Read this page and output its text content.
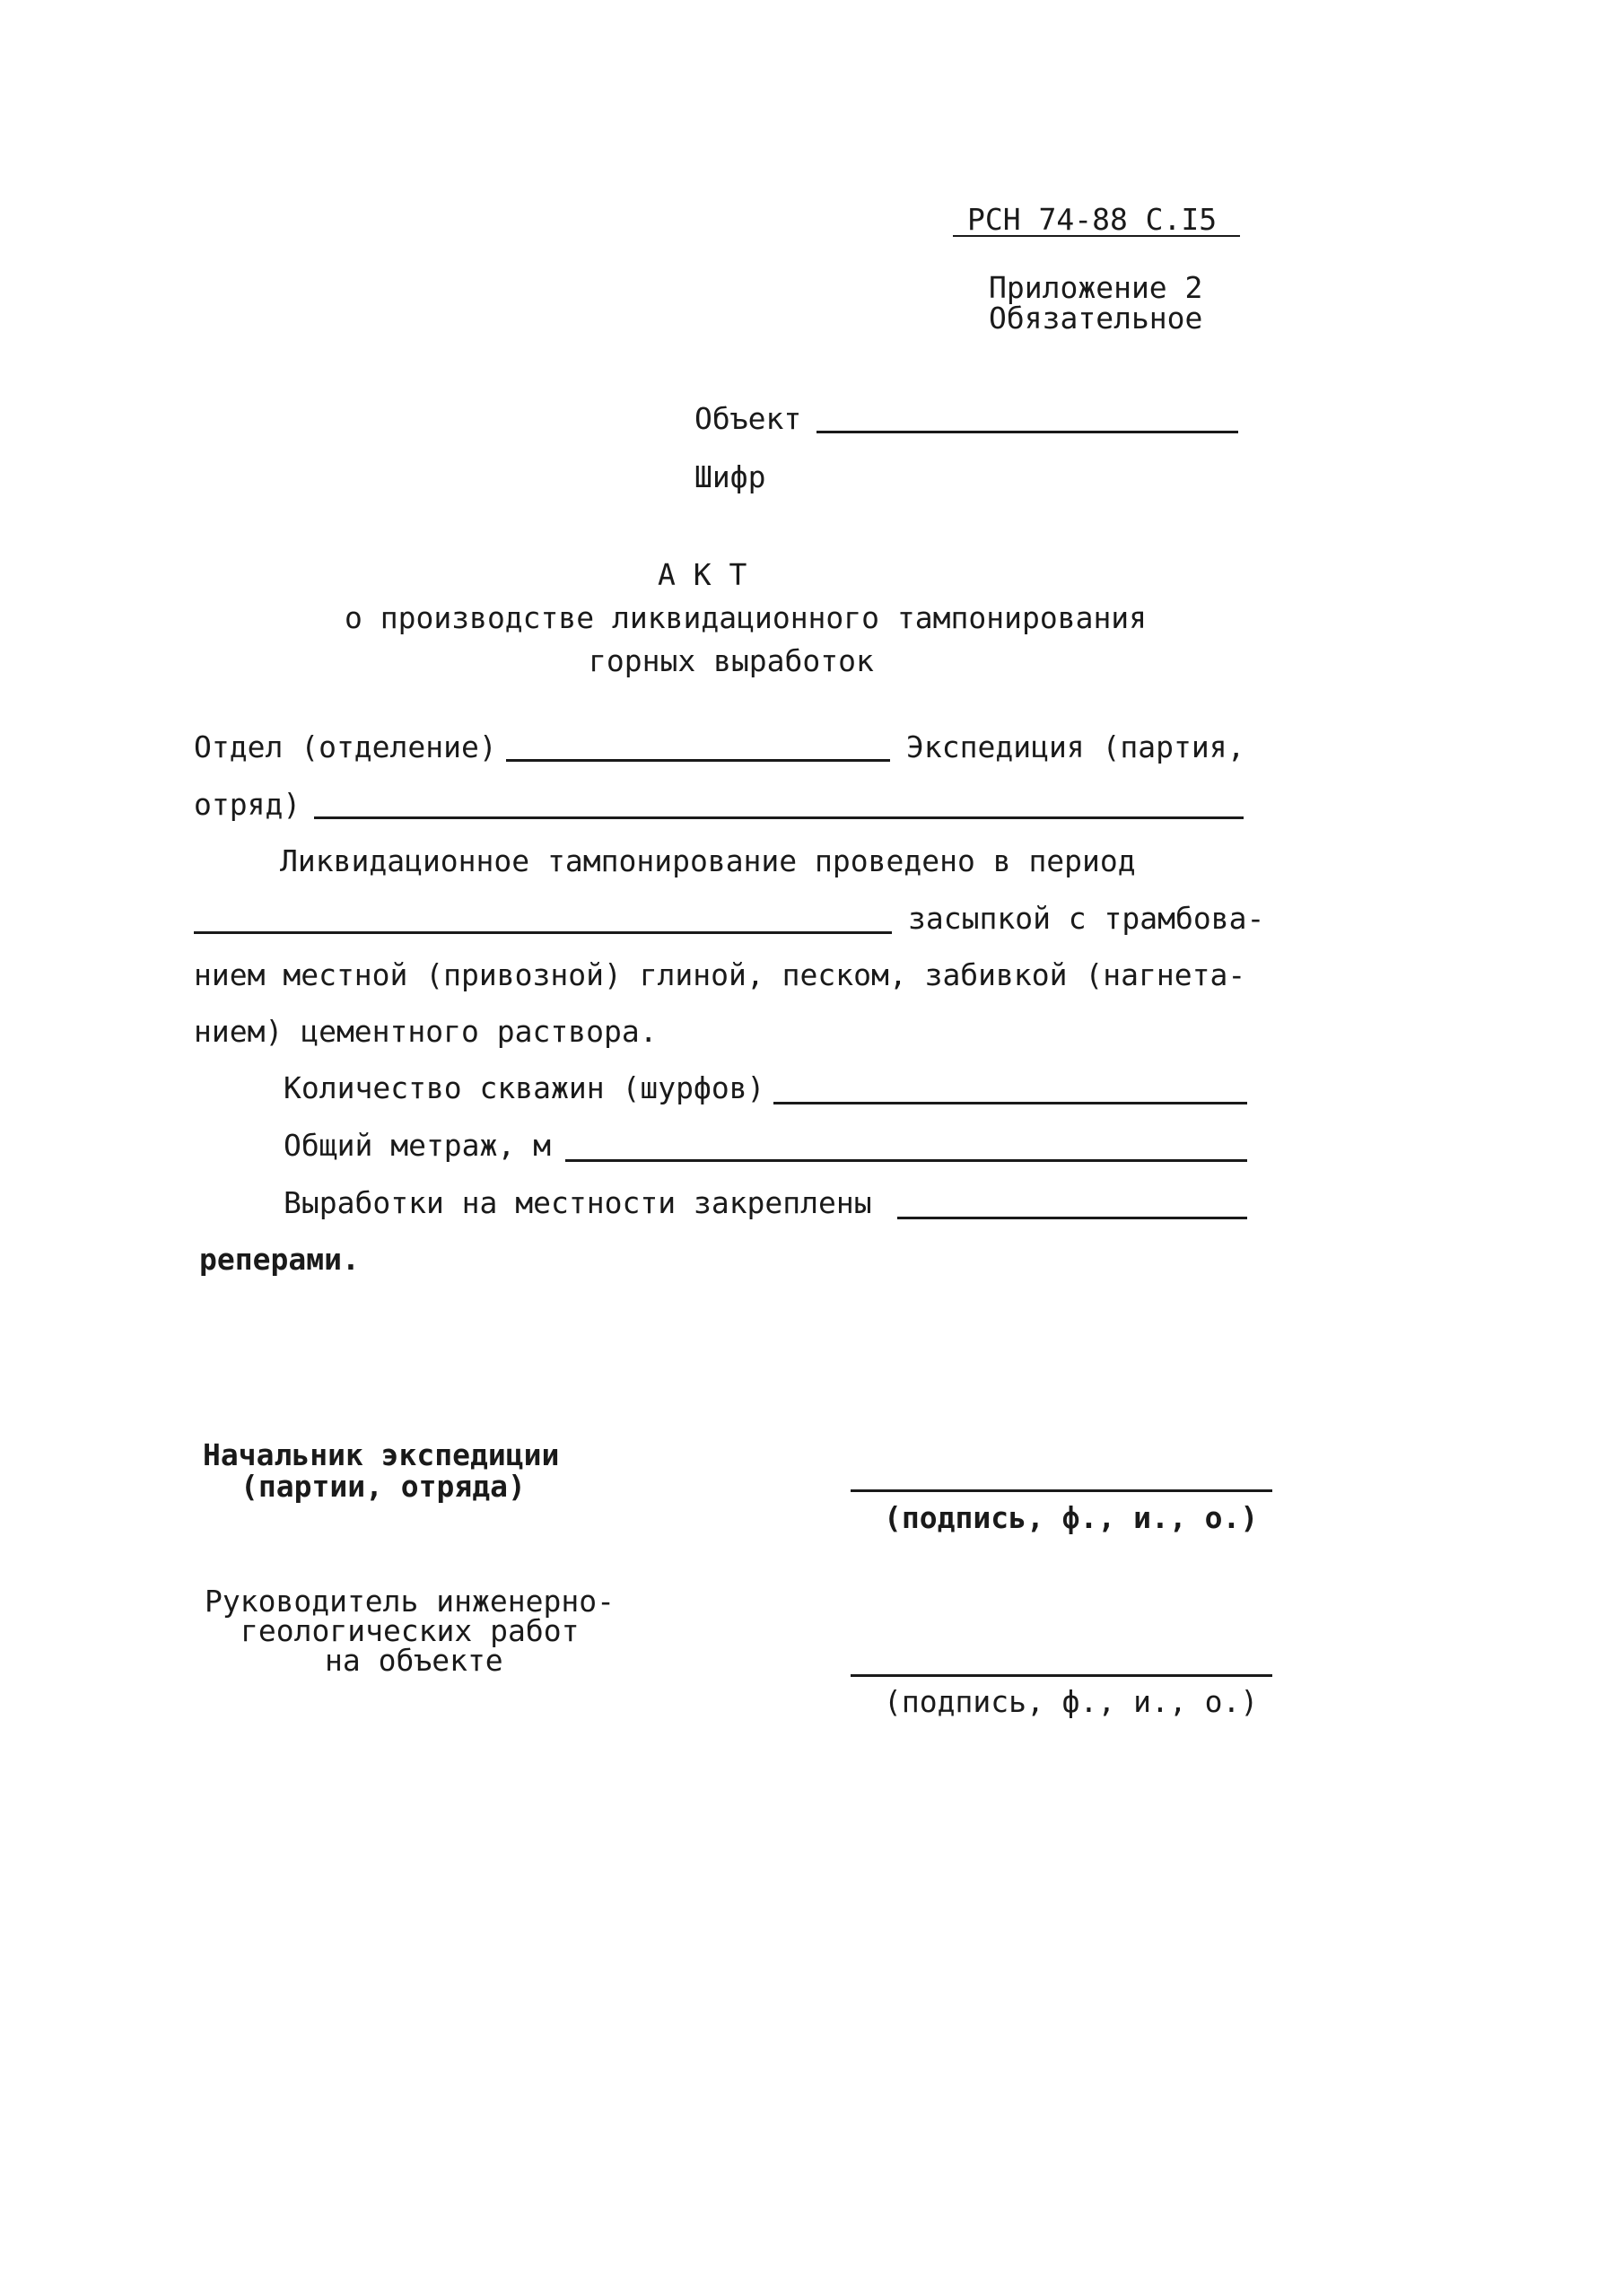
РСН 74-88 С.I5
Приложение 2
Обязательное
Объект
Шифр
А К Т
о производстве ликвидационного тампонирования
горных выработок
Отдел (отделение)	Экспедиция (партия,
отряд)
Ликвидационное тампонирование проведено в период
засыпкой с трамбова-
нием местной (привозной) глиной, песком, забивкой (нагнета-
нием) цементного раствора.
Количество скважин (шурфов)
Общий метраж, м
Выработки на местности закреплены
реперами.
Начальник экспедиции
(партии, отряда)
(подпись, ф., и., о.)
Руководитель инженерно-
геологических работ
на объекте
(подпись, ф., и., о.)
